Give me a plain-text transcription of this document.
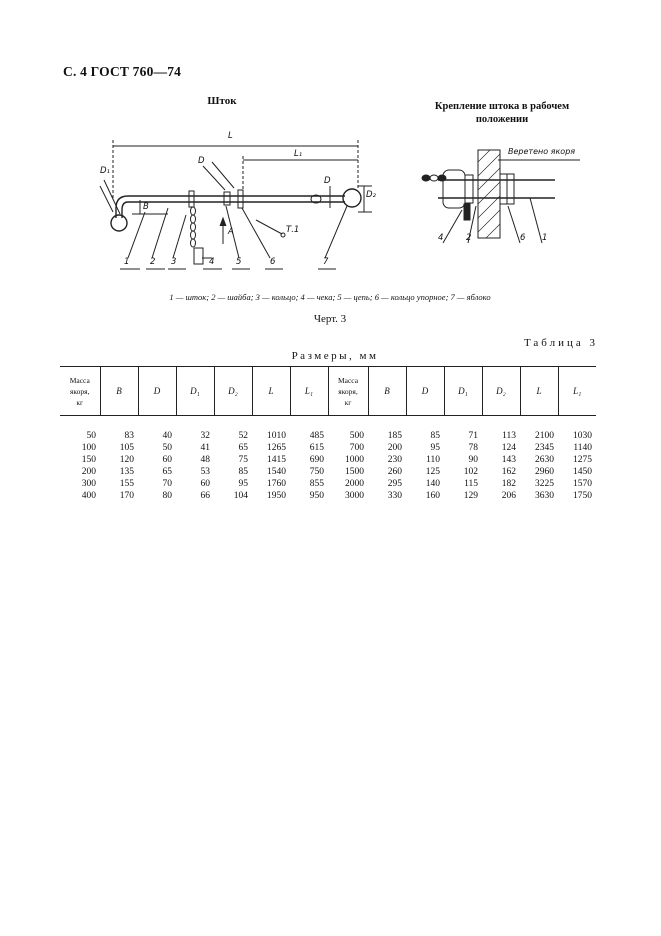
С. 4 ГОСТ 760—74
Шток	Крепление штока в рабочем
положении
L
L₁
D₁
B
D
D₂
D
А	Т.1
1 2 3	4	5	6	7
Веретено якоря
4	2	6 1
1 — шток; 2 — шайба; 3 — кольцо; 4 — чека; 5 — цепь; 6 — кольцо упорное; 7 — яблоко
Черт. 3
Таблица 3
Размеры, мм
Масса
якоря,
кг	B	D	D₁	D₂	L	L₁	Масса
якоря,
кг	B	D	D₁	D₂	L	L₁

50	83	40	32	52	1010	485	500	185	85	71	113	2100	1030
100	105	50	41	65	1265	615	700	200	95	78	124	2345	1140
150	120	60	48	75	1415	690	1000	230	110	90	143	2630	1275
200	135	65	53	85	1540	750	1500	260	125	102	162	2960	1450
300	155	70	60	95	1760	855	2000	295	140	115	182	3225	1570
400	170	80	66	104	1950	950	3000	330	160	129	206	3630	1750
